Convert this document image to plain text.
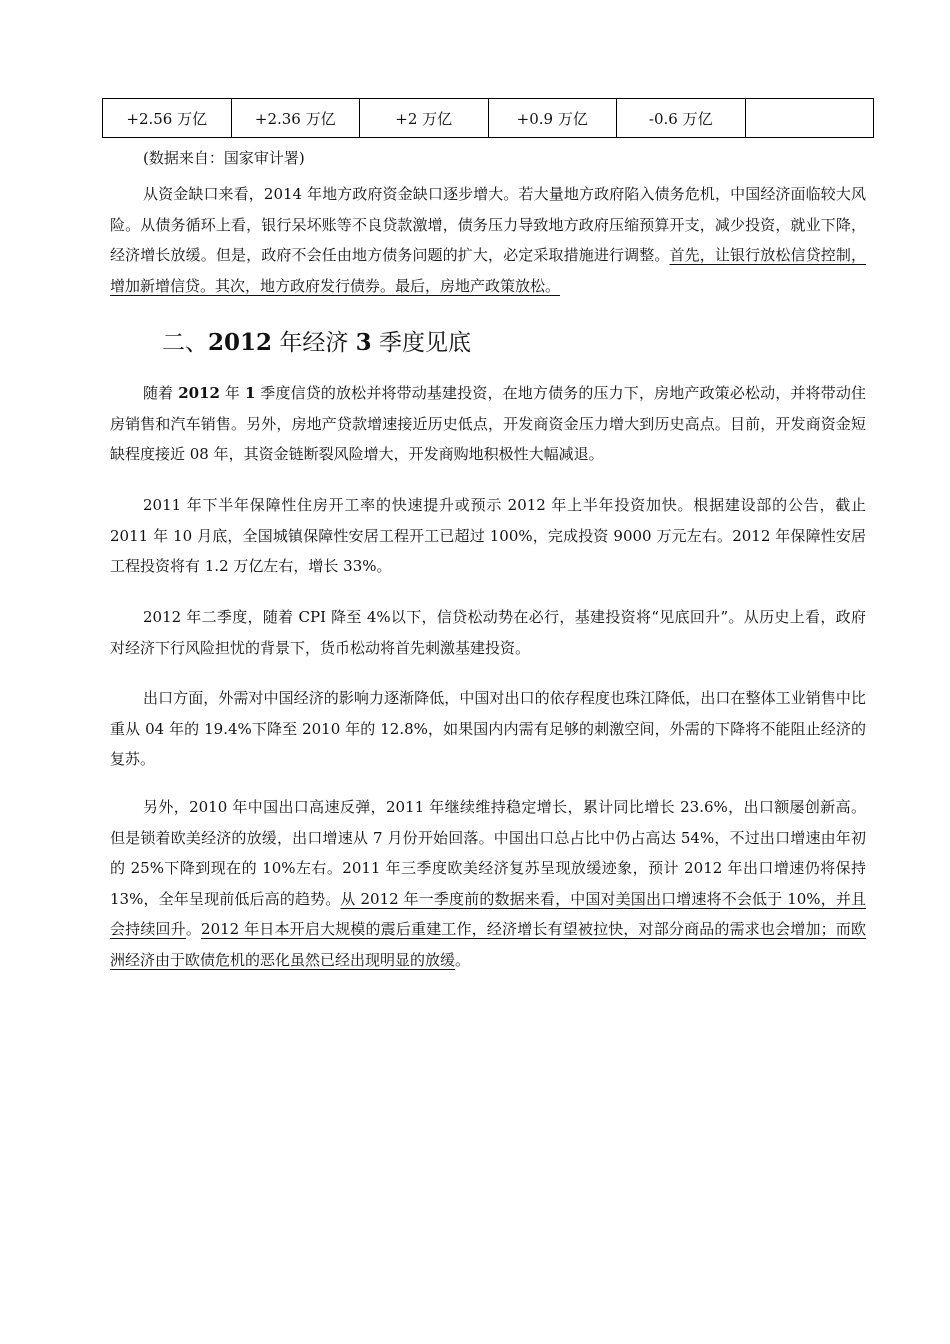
+2.56 万亿	+2.36 万亿	+2 万亿	+0.9 万亿	-0.6 万亿	
(数据来自：国家审计署)

从资金缺口来看，2014 年地方政府资金缺口逐步增大。若大量地方政府陷入债务危机，中国经济面临较大风险。从债务循环上看，银行呆坏账等不良贷款激增，债务压力导致地方政府压缩预算开支，减少投资，就业下降，经济增长放缓。但是，政府不会任由地方债务问题的扩大，必定采取措施进行调整。首先，让银行放松信贷控制，增加新增信贷。其次，地方政府发行债券。最后，房地产政策放松。

二、2012 年经济 3 季度见底

随着 2012 年 1 季度信贷的放松并将带动基建投资，在地方债务的压力下，房地产政策必松动，并将带动住房销售和汽车销售。另外，房地产贷款增速接近历史低点，开发商资金压力增大到历史高点。目前，开发商资金短缺程度接近 08 年，其资金链断裂风险增大，开发商购地积极性大幅减退。

2011 年下半年保障性住房开工率的快速提升或预示 2012 年上半年投资加快。根据建设部的公告，截止 2011 年 10 月底，全国城镇保障性安居工程开工已超过 100%，完成投资 9000 万元左右。2012 年保障性安居工程投资将有 1.2 万亿左右，增长 33%。

2012 年二季度，随着 CPI 降至 4%以下，信贷松动势在必行，基建投资将“见底回升”。从历史上看，政府对经济下行风险担忧的背景下，货币松动将首先刺激基建投资。

出口方面，外需对中国经济的影响力逐渐降低，中国对出口的依存程度也珠江降低，出口在整体工业销售中比重从 04 年的 19.4%下降至 2010 年的 12.8%，如果国内内需有足够的刺激空间，外需的下降将不能阻止经济的复苏。

另外，2010 年中国出口高速反弹，2011 年继续维持稳定增长，累计同比增长 23.6%，出口额屡创新高。但是锁着欧美经济的放缓，出口增速从 7 月份开始回落。中国出口总占比中仍占高达 54%，不过出口增速由年初的 25%下降到现在的 10%左右。2011 年三季度欧美经济复苏呈现放缓迹象，预计 2012 年出口增速仍将保持 13%，全年呈现前低后高的趋势。从 2012 年一季度前的数据来看，中国对美国出口增速将不会低于 10%，并且会持续回升。2012 年日本开启大规模的震后重建工作，经济增长有望被拉快，对部分商品的需求也会增加；而欧洲经济由于欧债危机的恶化虽然已经出现明显的放缓。
